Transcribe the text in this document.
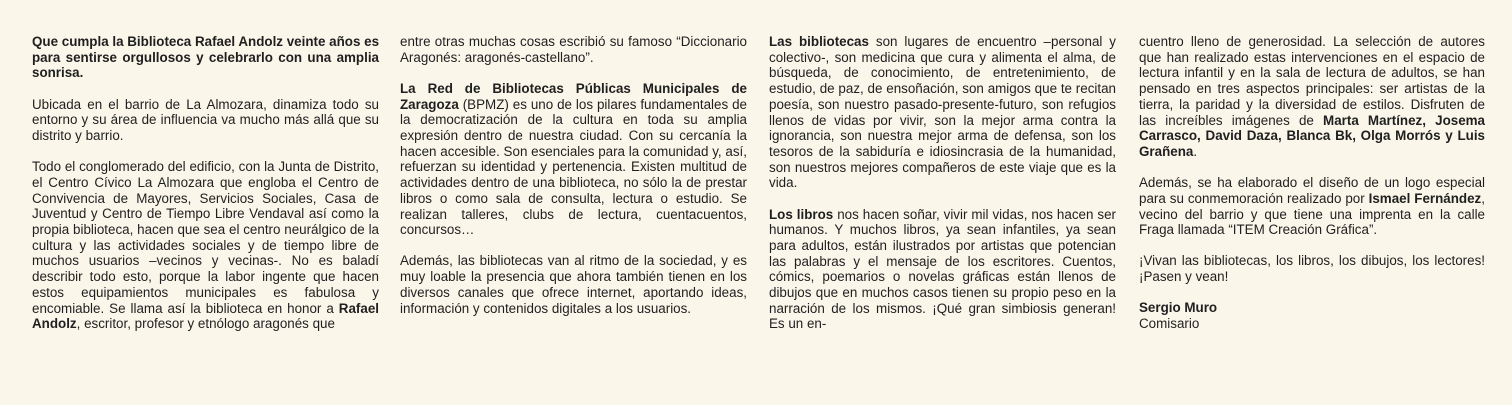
Que cumpla la Biblioteca Rafael Andolz veinte años es para sentirse orgullosos y celebrarlo con una amplia sonrisa.

Ubicada en el barrio de La Almozara, dinamiza todo su entorno y su área de influencia va mucho más allá que su distrito y barrio.

Todo el conglomerado del edificio, con la Junta de Distrito, el Centro Cívico La Almozara que engloba el Centro de Convivencia de Mayores, Servicios Sociales, Casa de Juventud y Centro de Tiempo Libre Vendaval así como la propia biblioteca, hacen que sea el centro neurálgico de la cultura y las actividades sociales y de tiempo libre de muchos usuarios –vecinos y vecinas-. No es baladí describir todo esto, porque la labor ingente que hacen estos equipamientos municipales es fabulosa y encomiable. Se llama así la biblioteca en honor a Rafael Andolz, escritor, profesor y etnólogo aragonés que

entre otras muchas cosas escribió su famoso “Diccionario Aragonés: aragonés-castellano”.

La Red de Bibliotecas Públicas Municipales de Zaragoza (BPMZ) es uno de los pilares fundamentales de la democratización de la cultura en toda su amplia expresión dentro de nuestra ciudad. Con su cercanía la hacen accesible. Son esenciales para la comunidad y, así, refuerzan su identidad y pertenencia. Existen multitud de actividades dentro de una biblioteca, no sólo la de prestar libros o como sala de consulta, lectura o estudio. Se realizan talleres, clubs de lectura, cuentacuentos, concursos…

Además, las bibliotecas van al ritmo de la sociedad, y es muy loable la presencia que ahora también tienen en los diversos canales que ofrece internet, aportando ideas, información y contenidos digitales a los usuarios.

Las bibliotecas son lugares de encuentro –personal y colectivo-, son medicina que cura y alimenta el alma, de búsqueda, de conocimiento, de entretenimiento, de estudio, de paz, de ensoñación, son amigos que te recitan poesía, son nuestro pasado-presente-futuro, son refugios llenos de vidas por vivir, son la mejor arma contra la ignorancia, son nuestra mejor arma de defensa, son los tesoros de la sabiduría e idiosincrasia de la humanidad, son nuestros mejores compañeros de este viaje que es la vida.

Los libros nos hacen soñar, vivir mil vidas, nos hacen ser humanos. Y muchos libros, ya sean infantiles, ya sean para adultos, están ilustrados por artistas que potencian las palabras y el mensaje de los escritores. Cuentos, cómics, poemarios o novelas gráficas están llenos de dibujos que en muchos casos tienen su propio peso en la narración de los mismos. ¡Qué gran simbiosis generan! Es un en-

cuentro lleno de generosidad. La selección de autores que han realizado estas intervenciones en el espacio de lectura infantil y en la sala de lectura de adultos, se han pensado en tres aspectos principales: ser artistas de la tierra, la paridad y la diversidad de estilos. Disfruten de las increíbles imágenes de Marta Martínez, Josema Carrasco, David Daza, Blanca Bk, Olga Morrós y Luis Grañena.

Además, se ha elaborado el diseño de un logo especial para su conmemoración realizado por Ismael Fernández, vecino del barrio y que tiene una imprenta en la calle Fraga llamada “ITEM Creación Gráfica”.

¡Vivan las bibliotecas, los libros, los dibujos, los lectores! ¡Pasen y vean!

Sergio Muro
Comisario
